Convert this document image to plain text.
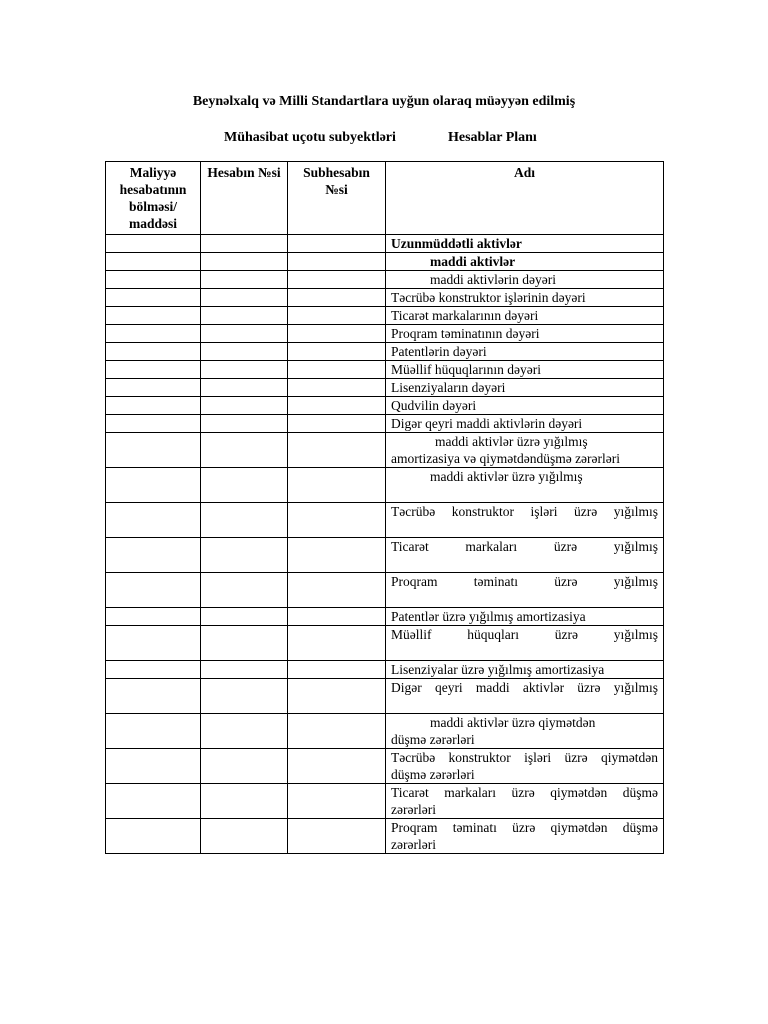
Beynəlxalq və Milli Standartlara uyğun olaraq müəyyən edilmiş
Mühasibat uçotu subyektləri	Hesablar Planı
Maliyyə hesabatının bölməsi/ maddəsi	Hesabın №si	Subhesabın №si	Adı
			Uzunmüddətli aktivlər
			maddi aktivlər
			maddi aktivlərin dəyəri
			Təcrübə konstruktor işlərinin dəyəri
			Ticarət markalarının dəyəri
			Proqram təminatının dəyəri
			Patentlərin dəyəri
			Müəllif hüquqlarının dəyəri
			Lisenziyaların dəyəri
			Qudvilin dəyəri
			Digər qeyri maddi aktivlərin dəyəri

			maddi aktivlər üzrə yığılmış
amortizasiya və qiymətdəndüşmə zərərləri

			maddi aktivlər üzrə yığılmış
			Təcrübə konstruktor işləri üzrə yığılmış
			Ticarət markaları üzrə yığılmış
			Proqram təminatı üzrə yığılmış
			Patentlər üzrə yığılmış amortizasiya
			Müəllif hüquqları üzrə yığılmış
			Lisenziyalar üzrə yığılmış amortizasiya
			Digər qeyri maddi aktivlər üzrə yığılmış

			maddi aktivlər üzrə qiymətdən
düşmə zərərləri

			Təcrübə konstruktor işləri üzrə qiymətdən
düşmə zərərləri

			Ticarət markaları üzrə qiymətdən düşmə
zərərləri

			Proqram təminatı üzrə qiymətdən düşmə
zərərləri
